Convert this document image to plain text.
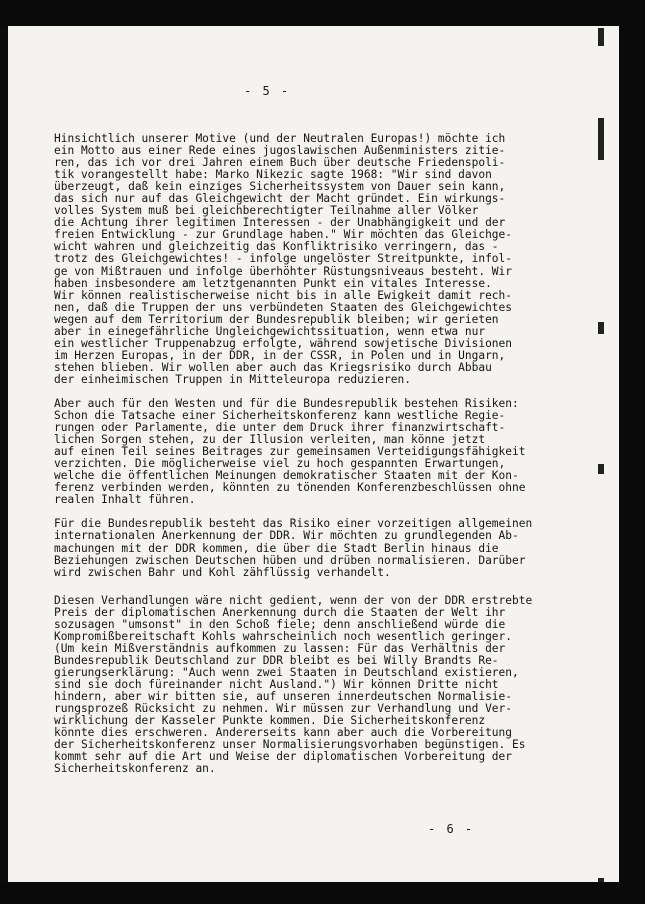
- 5 -
Hinsichtlich unserer Motive (und der Neutralen Europas!) möchte ich
ein Motto aus einer Rede eines jugoslawischen Außenministers zitie-
ren, das ich vor drei Jahren einem Buch über deutsche Friedenspoli-
tik vorangestellt habe: Marko Nikezic sagte 1968: "Wir sind davon
überzeugt, daß kein einziges Sicherheitssystem von Dauer sein kann,
das sich nur auf das Gleichgewicht der Macht gründet. Ein wirkungs-
volles System muß bei gleichberechtigter Teilnahme aller Völker
die Achtung ihrer legitimen Interessen - der Unabhängigkeit und der
freien Entwicklung - zur Grundlage haben." Wir möchten das Gleichge-
wicht wahren und gleichzeitig das Konfliktrisiko verringern, das -
trotz des Gleichgewichtes! - infolge ungelöster Streitpunkte, infol-
ge von Mißtrauen und infolge überhöhter Rüstungsniveaus besteht. Wir
haben insbesondere am letztgenannten Punkt ein vitales Interesse.
Wir können realistischerweise nicht bis in alle Ewigkeit damit rech-
nen, daß die Truppen der uns verbündeten Staaten des Gleichgewichtes
wegen auf dem Territorium der Bundesrepublik bleiben; wir gerieten
aber in einegefährliche Ungleichgewichtssituation, wenn etwa nur
ein westlicher Truppenabzug erfolgte, während sowjetische Divisionen
im Herzen Europas, in der DDR, in der CSSR, in Polen und in Ungarn,
stehen blieben. Wir wollen aber auch das Kriegsrisiko durch Abbau
der einheimischen Truppen in Mitteleuropa reduzieren.
Aber auch für den Westen und für die Bundesrepublik bestehen Risiken:
Schon die Tatsache einer Sicherheitskonferenz kann westliche Regie-
rungen oder Parlamente, die unter dem Druck ihrer finanzwirtschaft-
lichen Sorgen stehen, zu der Illusion verleiten, man könne jetzt
auf einen Teil seines Beitrages zur gemeinsamen Verteidigungsfähigkeit
verzichten. Die möglicherweise viel zu hoch gespannten Erwartungen,
welche die öffentlichen Meinungen demokratischer Staaten mit der Kon-
ferenz verbinden werden, könnten zu tönenden Konferenzbeschlüssen ohne
realen Inhalt führen.
Für die Bundesrepublik besteht das Risiko einer vorzeitigen allgemeinen
internationalen Anerkennung der DDR. Wir möchten zu grundlegenden Ab-
machungen mit der DDR kommen, die über die Stadt Berlin hinaus die
Beziehungen zwischen Deutschen hüben und drüben normalisieren. Darüber
wird zwischen Bahr und Kohl zähflüssig verhandelt.
Diesen Verhandlungen wäre nicht gedient, wenn der von der DDR erstrebte
Preis der diplomatischen Anerkennung durch die Staaten der Welt ihr
sozusagen "umsonst" in den Schoß fiele; denn anschließend würde die
Kompromißbereitschaft Kohls wahrscheinlich noch wesentlich geringer.
(Um kein Mißverständnis aufkommen zu lassen: Für das Verhältnis der
Bundesrepublik Deutschland zur DDR bleibt es bei Willy Brandts Re-
gierungserklärung: "Auch wenn zwei Staaten in Deutschland existieren,
sind sie doch füreinander nicht Ausland.") Wir können Dritte nicht
hindern, aber wir bitten sie, auf unseren innerdeutschen Normalisie-
rungsprozeß Rücksicht zu nehmen. Wir müssen zur Verhandlung und Ver-
wirklichung der Kasseler Punkte kommen. Die Sicherheitskonferenz
könnte dies erschweren. Andererseits kann aber auch die Vorbereitung
der Sicherheitskonferenz unser Normalisierungsvorhaben begünstigen. Es
kommt sehr auf die Art und Weise der diplomatischen Vorbereitung der
Sicherheitskonferenz an.
- 6 -
